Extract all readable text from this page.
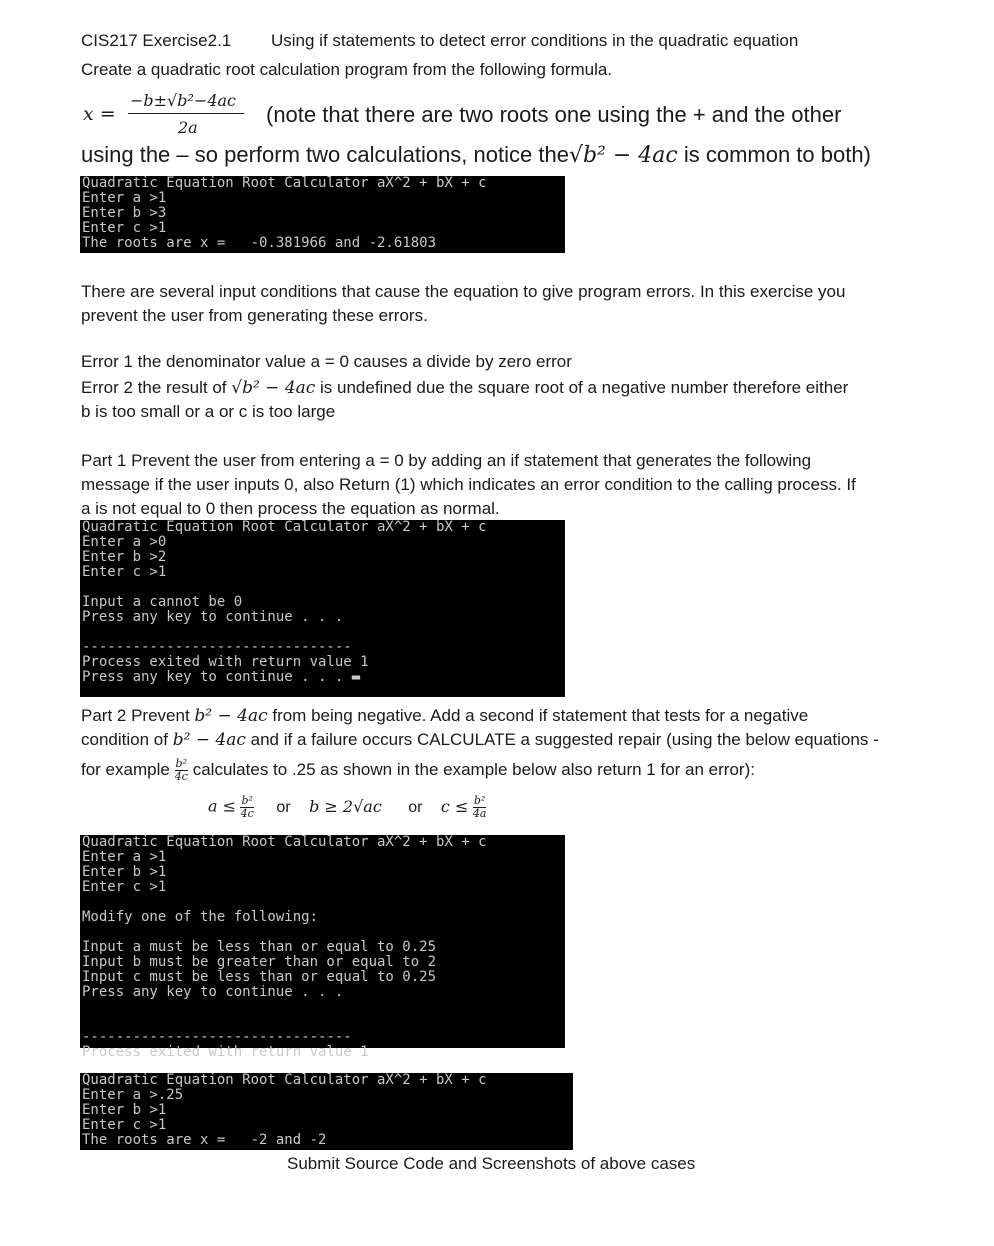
CIS217 Exercise2.1 Using if statements to detect error conditions in the quadratic equation
Create a quadratic root calculation program from the following formula.
x =
−b±√b²−4ac
2a
(note that there are two roots one using the + and the other
using the – so perform two calculations, notice the√b² − 4ac is common to both)
Quadratic Equation Root Calculator aX^2 + bX + c
Enter a >1
Enter b >3
Enter c >1
The roots are x =   -0.381966 and -2.61803
There are several input conditions that cause the equation to give program errors. In this exercise you
prevent the user from generating these errors.
Error 1 the denominator value a = 0 causes a divide by zero error
Error 2 the result of √b² − 4ac is undefined due the square root of a negative number therefore either
b is too small or a or c is too large
Part 1 Prevent the user from entering a = 0 by adding an if statement that generates the following
message if the user inputs 0, also Return (1) which indicates an error condition to the calling process. If
a is not equal to 0 then process the equation as normal.
Quadratic Equation Root Calculator aX^2 + bX + c
Enter a >0
Enter b >2
Enter c >1
Input a cannot be 0
Press any key to continue . . .
--------------------------------
Process exited with return value 1
Press any key to continue . . . ▬
Part 2 Prevent b² − 4ac from being negative. Add a second if statement that tests for a negative
condition of b² − 4ac and if a failure occurs CALCULATE a suggested repair (using the below equations -
for example $\frac{\text{b²}}{4c}$ calculates to .25 as shown in the example below also return 1 for an error):
$a \le \frac{\text{b²}}{4c}$ or b ≥ 2√ac or $c \le \frac{\text{b²}}{4a}$
Quadratic Equation Root Calculator aX^2 + bX + c
Enter a >1
Enter b >1
Enter c >1
Modify one of the following:
Input a must be less than or equal to 0.25
Input b must be greater than or equal to 2
Input c must be less than or equal to 0.25
Press any key to continue . . .
--------------------------------
Process exited with return value 1
Quadratic Equation Root Calculator aX^2 + bX + c
Enter a >.25
Enter b >1
Enter c >1
The roots are x =   -2 and -2
Submit Source Code and Screenshots of above cases
